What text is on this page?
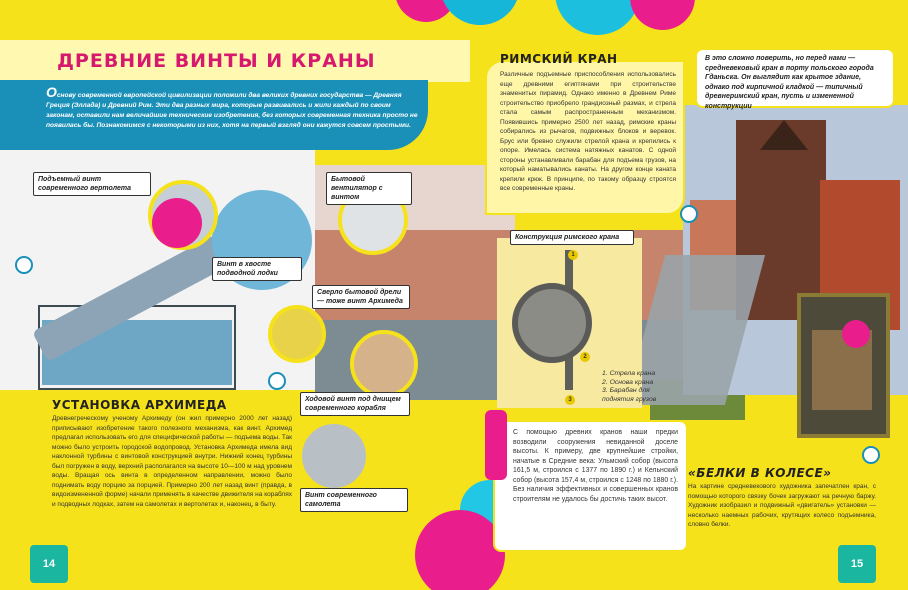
ДРЕВНИЕ ВИНТЫ И КРАНЫ

Основу современной европейской цивилизации положили два великих древних государства — Древняя Греция (Эллада) и Древний Рим. Эти два разных мира, которые развивались и жили каждый по своим законам, оставили нам величайшие технические изобретения, без которых современная техника просто не появилась бы. Познакомимся с некоторыми из них, хотя на первый взгляд они кажутся совсем простыми.

1
2
3
Подъемный винт современного вертолета
Бытовой вентилятор с винтом
Винт в хвосте подводной лодки
Сверло бытовой дрели — тоже винт Архимеда
Ходовой винт под днищем современного корабля
Винт современного самолета
УСТАНОВКА АРХИМЕДА
Древнегреческому ученому Архимеду (он жил примерно 2000 лет назад) приписывают изобретение такого полезного механизма, как винт. Архимед предлагал использовать его для специфической работы — подъема воды. Так можно было устроить городской водопровод. Установка Архимеда имела вид наклонной турбины с винтовой конструкцией внутри. Нижний конец турбины был погружен в воду, верхний располагался на высоте 10—100 м над уровнем воды. Вращая ось винта в определенном направлении, можно было поднимать воду порцию за порцией. Примерно 200 лет назад винт (правда, в видоизмененной форме) начали применять в качестве движителя на кораблях и подводных лодках, затем на самолетах и вертолетах и, наконец, в быту.
РИМСКИЙ КРАН
Различные подъемные приспособления использовались еще древними египтянами при строительстве знаменитых пирамид. Однако именно в Древнем Риме строительство приобрело грандиозный размах, и стрела стала самым распространенным механизмом. Появившись примерно 2500 лет назад, римские краны собирались из рычагов, подвижных блоков и веревок. Брус или бревно служили стрелой крана и крепились к опоре. Имелась система натяжных канатов. С одной стороны устанавливали барабан для подъема грузов, на который наматывались канаты. На другом конце каната крепили крюк. В принципе, по такому образцу строятся все современные краны.

В это сложно поверить, но перед нами — средневековый кран в порту польского города Гданьска. Он выглядит как крытое здание, однако под кирпичной кладкой — типичный древнеримский кран, пусть и измененной конструкции

Конструкция римского крана
1. Стрела крана
2. Основа крана
3. Барабан для поднятия грузов

С помощью древних кранов наши предки возводили сооружения невиданной доселе высоты. К примеру, две крупнейшие стройки, начатые в Средние века: Ульмский собор (высота 161,5 м, строился с 1377 по 1890 г.) и Кельнский собор (высота 157,4 м, строился с 1248 по 1880 г.). Без наличия эффективных и совершенных кранов строителям не удалось бы достичь таких высот.

«БЕЛКИ В КОЛЕСЕ»
На картине средневекового художника запечатлен кран, с помощью которого связку бочек загружают на речную баржу. Художник изобразил и подвижный «двигатель» установки — несколько наемных рабочих, крутящих колесо подъемника, словно белки.
14	15
